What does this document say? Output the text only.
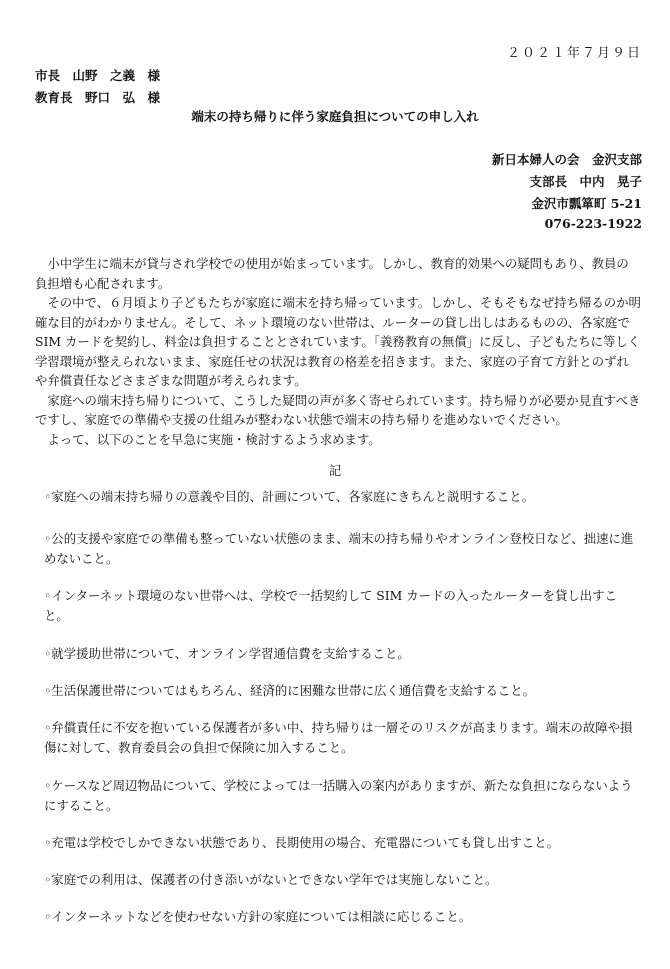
２０２１年７月９日
市長　山野　之義　様
教育長　野口　弘　様
端末の持ち帰りに伴う家庭負担についての申し入れ
新日本婦人の会　金沢支部
支部長　中内　晃子
金沢市瓢箪町 5-21
076-223-1922

小中学生に端末が貸与され学校での使用が始まっています。しかし、教育的効果への疑問もあり、教員の負担増も心配されます。

その中で、６月頃より子どもたちが家庭に端末を持ち帰っています。しかし、そもそもなぜ持ち帰るのか明確な目的がわかりません。そして、ネット環境のない世帯は、ルーターの貸し出しはあるものの、各家庭で SIM カードを契約し、料金は負担することとされています。「義務教育の無償」に反し、子どもたちに等しく学習環境が整えられないまま、家庭任せの状況は教育の格差を招きます。また、家庭の子育て方針とのずれや弁償責任などさまざまな問題が考えられます。

家庭への端末持ち帰りについて、こうした疑問の声が多く寄せられています。持ち帰りが必要か見直すべきですし、家庭での準備や支援の仕組みが整わない状態で端末の持ち帰りを進めないでください。

よって、以下のことを早急に実施・検討するよう求めます。

記
◦家庭への端末持ち帰りの意義や目的、計画について、各家庭にきちんと説明すること。
◦公的支援や家庭での準備も整っていない状態のまま、端末の持ち帰りやオンライン登校日など、拙速に進めないこと。
◦インターネット環境のない世帯へは、学校で一括契約して SIM カードの入ったルーターを貸し出すこと。
◦就学援助世帯について、オンライン学習通信費を支給すること。
◦生活保護世帯についてはもちろん、経済的に困難な世帯に広く通信費を支給すること。
◦弁償責任に不安を抱いている保護者が多い中、持ち帰りは一層そのリスクが高まります。端末の故障や損傷に対して、教育委員会の負担で保険に加入すること。
◦ケースなど周辺物品について、学校によっては一括購入の案内がありますが、新たな負担にならないようにすること。
◦充電は学校でしかできない状態であり、長期使用の場合、充電器についても貸し出すこと。
◦家庭での利用は、保護者の付き添いがないとできない学年では実施しないこと。
◦インターネットなどを使わせない方針の家庭については相談に応じること。
